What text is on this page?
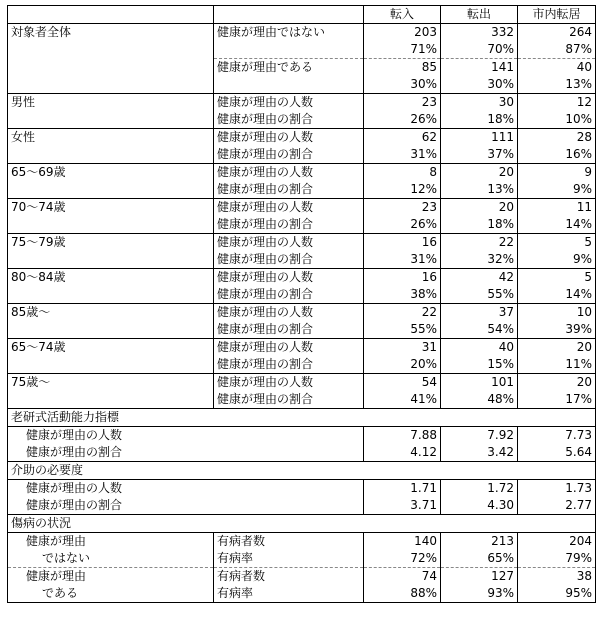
		転入	転出	市内転居
対象者全体	健康が理由ではない	203	332	264
		71%	70%	87%
	健康が理由である	85	141	40
		30%	30%	13%
男性	健康が理由の人数	23	30	12
	健康が理由の割合	26%	18%	10%
女性	健康が理由の人数	62	111	28
	健康が理由の割合	31%	37%	16%
65～69歳	健康が理由の人数	8	20	9
	健康が理由の割合	12%	13%	9%
70～74歳	健康が理由の人数	23	20	11
	健康が理由の割合	26%	18%	14%
75～79歳	健康が理由の人数	16	22	5
	健康が理由の割合	31%	32%	9%
80～84歳	健康が理由の人数	16	42	5
	健康が理由の割合	38%	55%	14%
85歳～	健康が理由の人数	22	37	10
	健康が理由の割合	55%	54%	39%
65～74歳	健康が理由の人数	31	40	20
	健康が理由の割合	20%	15%	11%
75歳～	健康が理由の人数	54	101	20
	健康が理由の割合	41%	48%	17%
老研式活動能力指標				
健康が理由の人数		7.88	7.92	7.73
健康が理由の割合		4.12	3.42	5.64
介助の必要度				
健康が理由の人数		1.71	1.72	1.73
健康が理由の割合		3.71	4.30	2.77
傷病の状況				
健康が理由	有病者数	140	213	204
ではない	有病率	72%	65%	79%
健康が理由	有病者数	74	127	38
である	有病率	88%	93%	95%
